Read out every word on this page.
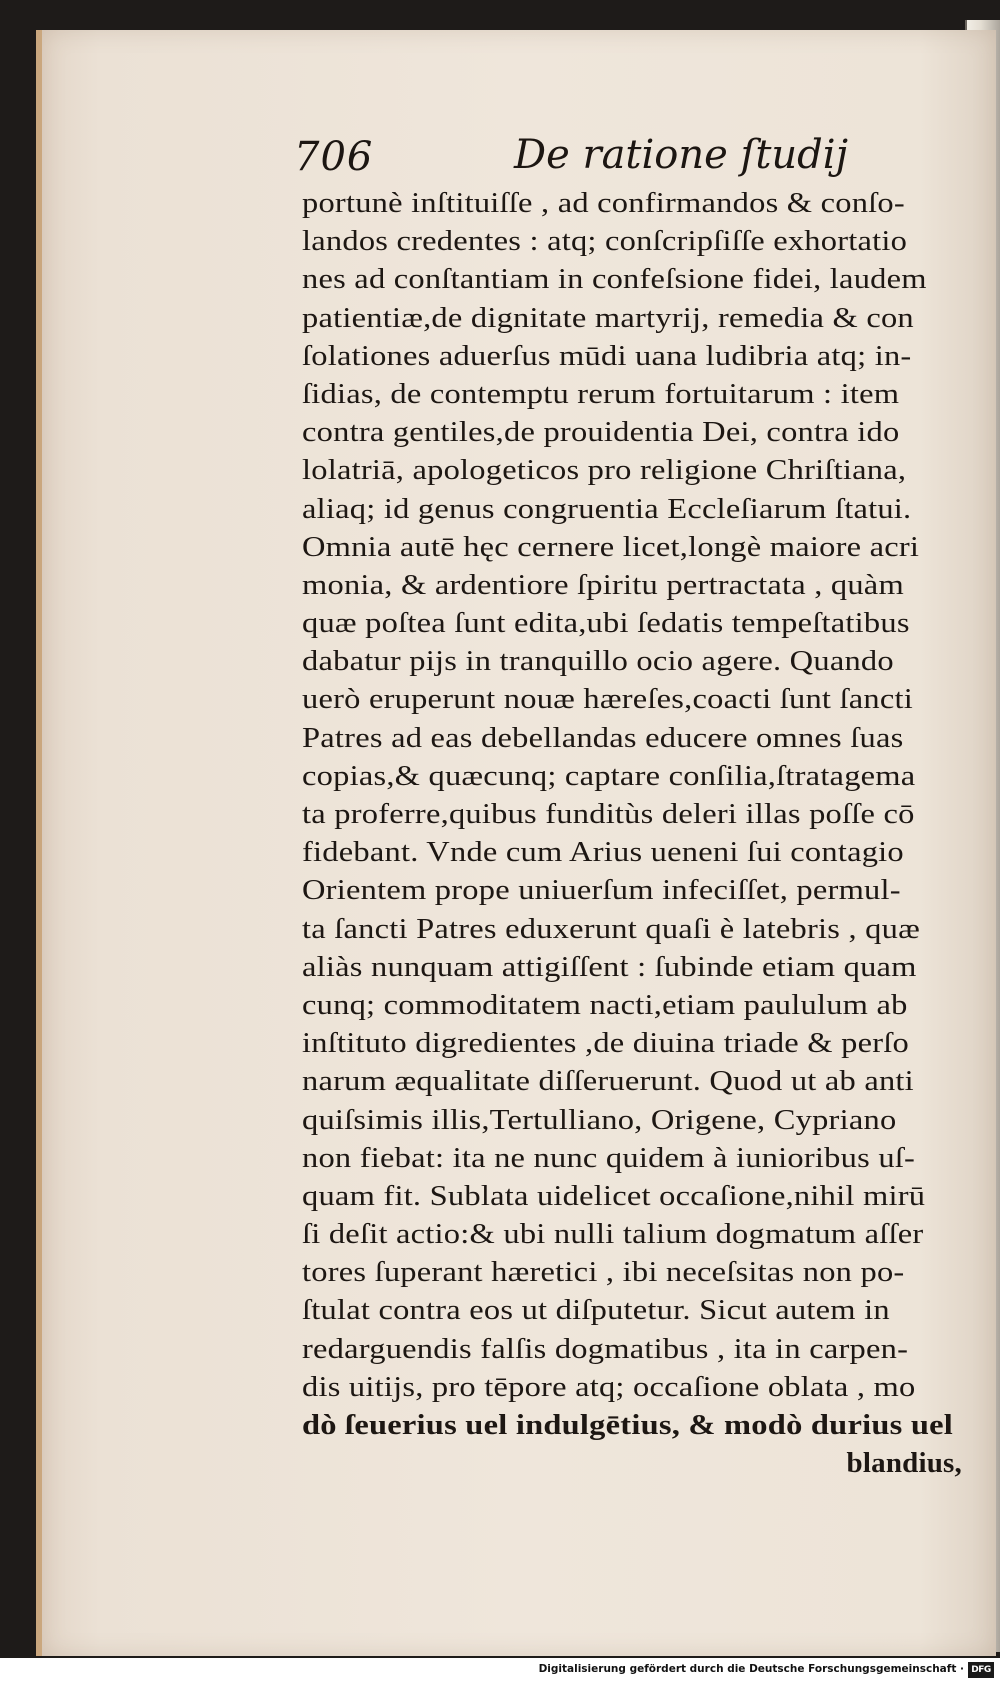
706	De ratione ſtudij
portunè inſtituiſſe , ad confirmandos & conſo-
landos credentes : atq; conſcripſiſſe exhortatio
nes ad conſtantiam in confeſsione fidei, laudem
patientiæ,de dignitate martyrij, remedia & con
ſolationes aduerſus mūdi uana ludibria atq; in-
ſidias, de contemptu rerum fortuitarum : item
contra gentiles,de prouidentia Dei, contra ido
lolatriā, apologeticos pro religione Chriſtiana,
aliaq; id genus congruentia Eccleſiarum ſtatui.
Omnia autē hęc cernere licet,longè maiore acri
monia, & ardentiore ſpiritu pertractata , quàm
quæ poſtea ſunt edita,ubi ſedatis tempeſtatibus
dabatur pijs in tranquillo ocio agere. Quando
uerò eruperunt nouæ hæreſes,coacti ſunt ſancti
Patres ad eas debellandas educere omnes ſuas
copias,& quæcunq; captare conſilia,ſtratagema
ta proferre,quibus funditùs deleri illas poſſe cō
fidebant. Vnde cum Arius ueneni ſui contagio
Orientem prope uniuerſum infeciſſet, permul-
ta ſancti Patres eduxerunt quaſi è latebris , quæ
aliàs nunquam attigiſſent : ſubinde etiam quam
cunq; commoditatem nacti,etiam paululum ab
inſtituto digredientes ,de diuina triade & perſo
narum æqualitate diſſeruerunt. Quod ut ab anti
quiſsimis illis,Tertulliano, Origene, Cypriano
non fiebat: ita ne nunc quidem à iunioribus uſ-
quam fit. Sublata uidelicet occaſione,nihil mirū
ſi deſit actio:& ubi nulli talium dogmatum aſſer
tores ſuperant hæretici , ibi neceſsitas non po-
ſtulat contra eos ut diſputetur. Sicut autem in
redarguendis falſis dogmatibus , ita in carpen-
dis uitijs, pro tēpore atq; occaſione oblata , mo
dò ſeuerius uel indulgētius, & modò durius uel
blandius,
Digitalisierung gefördert durch die Deutsche Forschungsgemeinschaft · DFG
